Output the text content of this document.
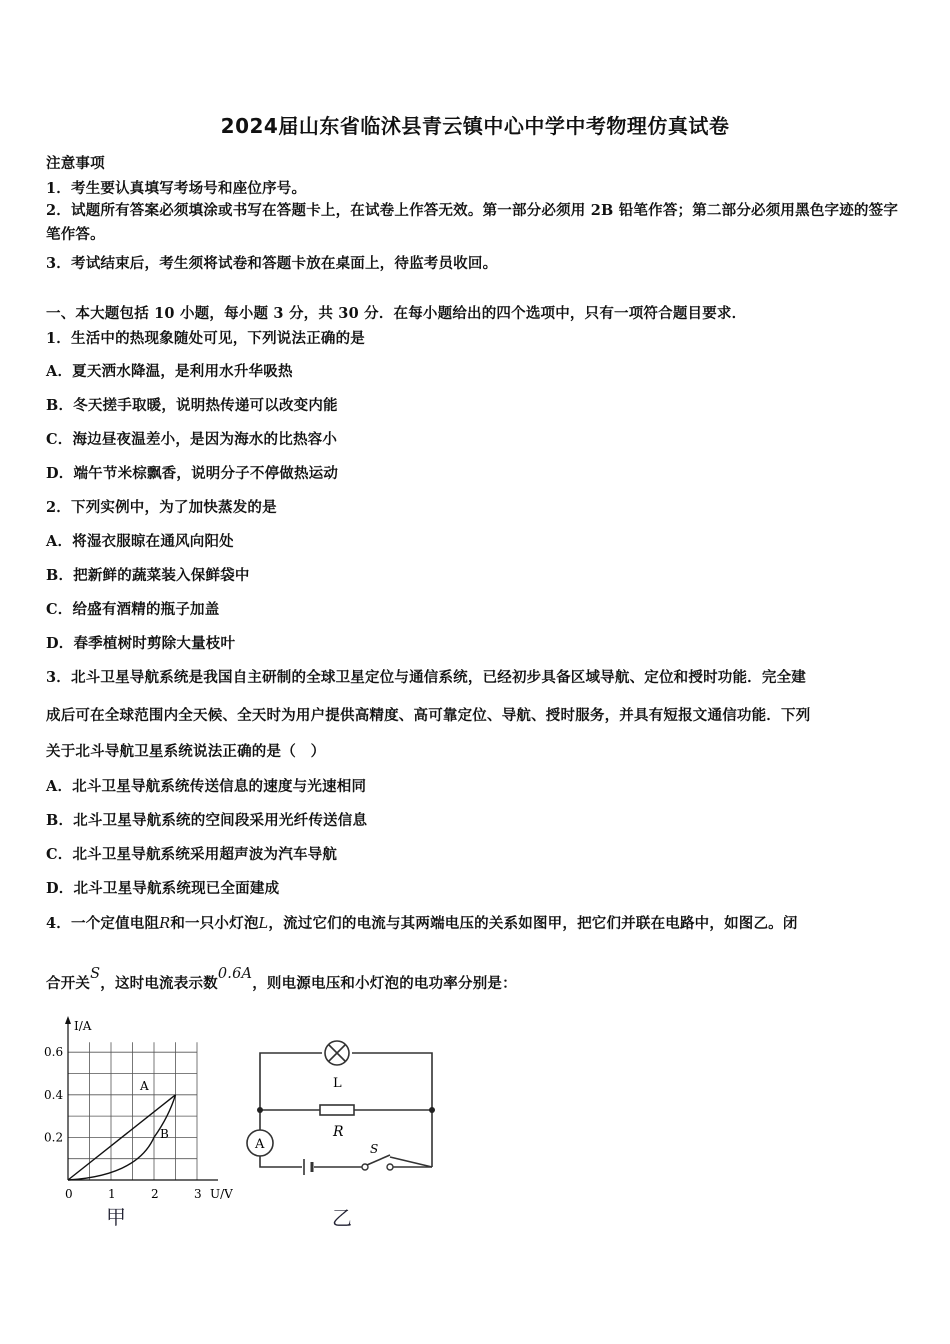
2024届山东省临沭县青云镇中心中学中考物理仿真试卷
注意事项
1．考生要认真填写考场号和座位序号。
2．试题所有答案必须填涂或书写在答题卡上，在试卷上作答无效。第一部分必须用 2B 铅笔作答；第二部分必须用黑色字迹的签字笔作答。
3．考试结束后，考生须将试卷和答题卡放在桌面上，待监考员收回。
一、本大题包括 10 小题，每小题 3 分，共 30 分．在每小题给出的四个选项中，只有一项符合题目要求．
1．生活中的热现象随处可见，下列说法正确的是
A．夏天洒水降温，是利用水升华吸热
B．冬天搓手取暖，说明热传递可以改变内能
C．海边昼夜温差小，是因为海水的比热容小
D．端午节米棕飘香，说明分子不停做热运动
2．下列实例中，为了加快蒸发的是
A．将湿衣服晾在通风向阳处
B．把新鲜的蔬菜装入保鲜袋中
C．给盛有酒精的瓶子加盖
D．春季植树时剪除大量枝叶
3．北斗卫星导航系统是我国自主研制的全球卫星定位与通信系统，已经初步具备区域导航、定位和授时功能．完全建
成后可在全球范围内全天候、全天时为用户提供高精度、高可靠定位、导航、授时服务，并具有短报文通信功能．下列
关于北斗导航卫星系统说法正确的是（　）
A．北斗卫星导航系统传送信息的速度与光速相同
B．北斗卫星导航系统的空间段采用光纤传送信息
C．北斗卫星导航系统采用超声波为汽车导航
D．北斗卫星导航系统现已全面建成
4．一个定值电阻R和一只小灯泡L，流过它们的电流与其两端电压的关系如图甲，把它们并联在电路中，如图乙。闭
合开关S，这时电流表示数0.6A，则电源电压和小灯泡的电功率分别是：
1	2	3
0.2
0.4
0.6
I/A
U/V
0
A
B
甲
L
R
A	S
乙
